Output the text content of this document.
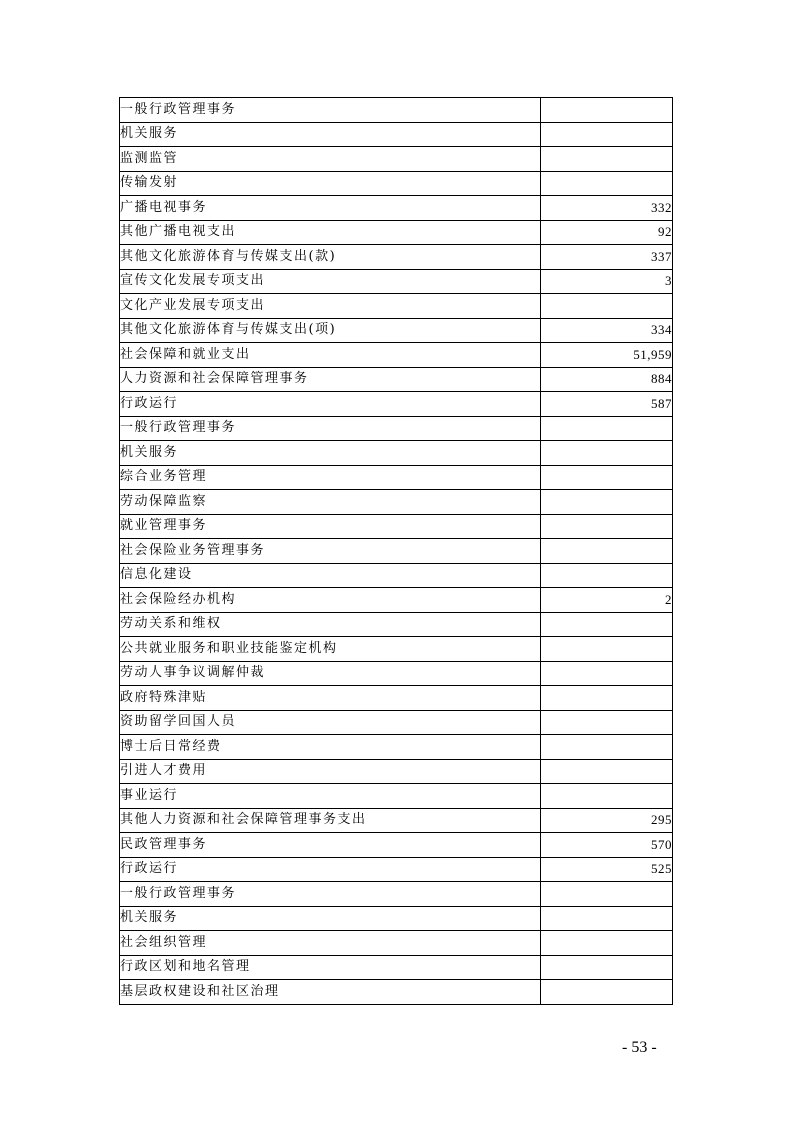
一般行政管理事务	
机关服务	
监测监管	
传输发射	
广播电视事务	332
其他广播电视支出	92
其他文化旅游体育与传媒支出(款)	337
宣传文化发展专项支出	3
文化产业发展专项支出	
其他文化旅游体育与传媒支出(项)	334
社会保障和就业支出	51,959
人力资源和社会保障管理事务	884
行政运行	587
一般行政管理事务	
机关服务	
综合业务管理	
劳动保障监察	
就业管理事务	
社会保险业务管理事务	
信息化建设	
社会保险经办机构	2
劳动关系和维权	
公共就业服务和职业技能鉴定机构	
劳动人事争议调解仲裁	
政府特殊津贴	
资助留学回国人员	
博士后日常经费	
引进人才费用	
事业运行	
其他人力资源和社会保障管理事务支出	295
民政管理事务	570
行政运行	525
一般行政管理事务	
机关服务	
社会组织管理	
行政区划和地名管理	
基层政权建设和社区治理	
- 53 -
